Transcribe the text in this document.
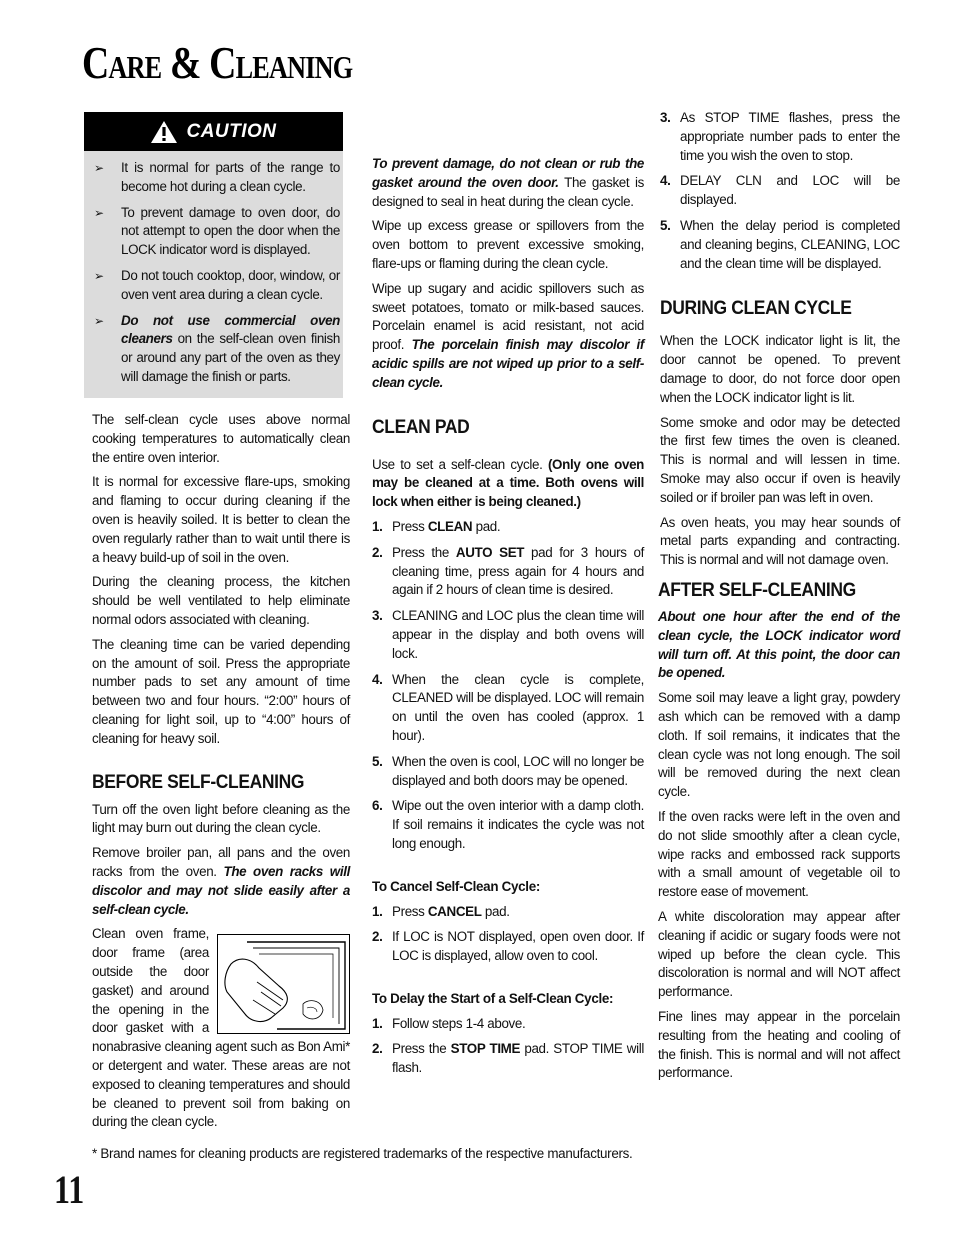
Care & Cleaning
CAUTION
➢	It is normal for parts of the range to become hot during a clean cycle.
➢	To prevent damage to oven door, do not attempt to open the door when the LOCK indicator word is displayed.
➢	Do not touch cooktop, door, window, or oven vent area during a clean cycle.
➢	Do not use commercial oven cleaners on the self-clean oven finish or around any part of the oven as they will damage the finish or parts.

The self-clean cycle uses above normal cooking temperatures to automatically clean the entire oven interior.

It is normal for excessive flare-ups, smoking and flaming to occur during cleaning if the oven is heavily soiled. It is better to clean the oven regularly rather than to wait until there is a heavy build-up of soil in the oven.

During the cleaning process, the kitchen should be well ventilated to help eliminate normal odors associated with cleaning.

The cleaning time can be varied depending on the amount of soil. Press the appropriate number pads to set any amount of time between two and four hours. “2:00” hours of cleaning for light soil, up to “4:00” hours of cleaning for heavy soil.

BEFORE SELF-CLEANING

Turn off the oven light before cleaning as the light may burn out during the clean cycle.

Remove broiler pan, all pans and the oven racks from the oven. The oven racks will discolor and may not slide easily after a self-clean cycle.

Clean oven frame, door frame (area outside the door gasket) and around the opening in the door gasket with a nonabrasive cleaning agent such as Bon Ami* or detergent and water. These areas are not exposed to cleaning temperatures and should be cleaned to prevent soil from baking on during the clean cycle.

To prevent damage, do not clean or rub the gasket around the oven door. The gasket is designed to seal in heat during the clean cycle.

Wipe up excess grease or spillovers from the oven bottom to prevent excessive smoking, flare-ups or flaming during the clean cycle.

Wipe up sugary and acidic spillovers such as sweet potatoes, tomato or milk-based sauces. Porcelain enamel is acid resistant, not acid proof. The porcelain finish may discolor if acidic spills are not wiped up prior to a self-clean cycle.

CLEAN PAD

Use to set a self-clean cycle. (Only one oven may be cleaned at a time. Both ovens will lock when either is being cleaned.)

1. Press CLEAN pad.
2. Press the AUTO SET pad for 3 hours of cleaning time, press again for 4 hours and again if 2 hours of clean time is desired.
3. CLEANING and LOC plus the clean time will appear in the display and both ovens will lock.
4. When the clean cycle is complete, CLEANED will be displayed. LOC will remain on until the oven has cooled (approx. 1 hour).
5. When the oven is cool, LOC will no longer be displayed and both doors may be opened.
6. Wipe out the oven interior with a damp cloth. If soil remains it indicates the cycle was not long enough.

To Cancel Self-Clean Cycle:

1. Press CANCEL pad.
2. If LOC is NOT displayed, open oven door. If LOC is displayed, allow oven to cool.

To Delay the Start of a Self-Clean Cycle:

1. Follow steps 1-4 above.
2. Press the STOP TIME pad. STOP TIME will flash.
3. As STOP TIME flashes, press the appropriate number pads to enter the time you wish the oven to stop.
4. DELAY CLN and LOC will be displayed.
5. When the delay period is completed and cleaning begins, CLEANING, LOC and the clean time will be displayed.
DURING CLEAN CYCLE

When the LOCK indicator light is lit, the door cannot be opened. To prevent damage to door, do not force door open when the LOCK indicator light is lit.

Some smoke and odor may be detected the first few times the oven is cleaned. This is normal and will lessen in time. Smoke may also occur if oven is heavily soiled or if broiler pan was left in oven.

As oven heats, you may hear sounds of metal parts expanding and contracting. This is normal and will not damage oven.

AFTER SELF-CLEANING

About one hour after the end of the clean cycle, the LOCK indicator word will turn off. At this point, the door can be opened.

Some soil may leave a light gray, powdery ash which can be removed with a damp cloth. If soil remains, it indicates that the clean cycle was not long enough. The soil will be removed during the next clean cycle.

If the oven racks were left in the oven and do not slide smoothly after a clean cycle, wipe racks and embossed rack supports with a small amount of vegetable oil to restore ease of movement.

A white discoloration may appear after cleaning if acidic or sugary foods were not wiped up before the clean cycle. This discoloration is normal and will NOT affect performance.

Fine lines may appear in the porcelain resulting from the heating and cooling of the finish. This is normal and will not affect performance.

* Brand names for cleaning products are registered trademarks of the respective manufacturers.

11
